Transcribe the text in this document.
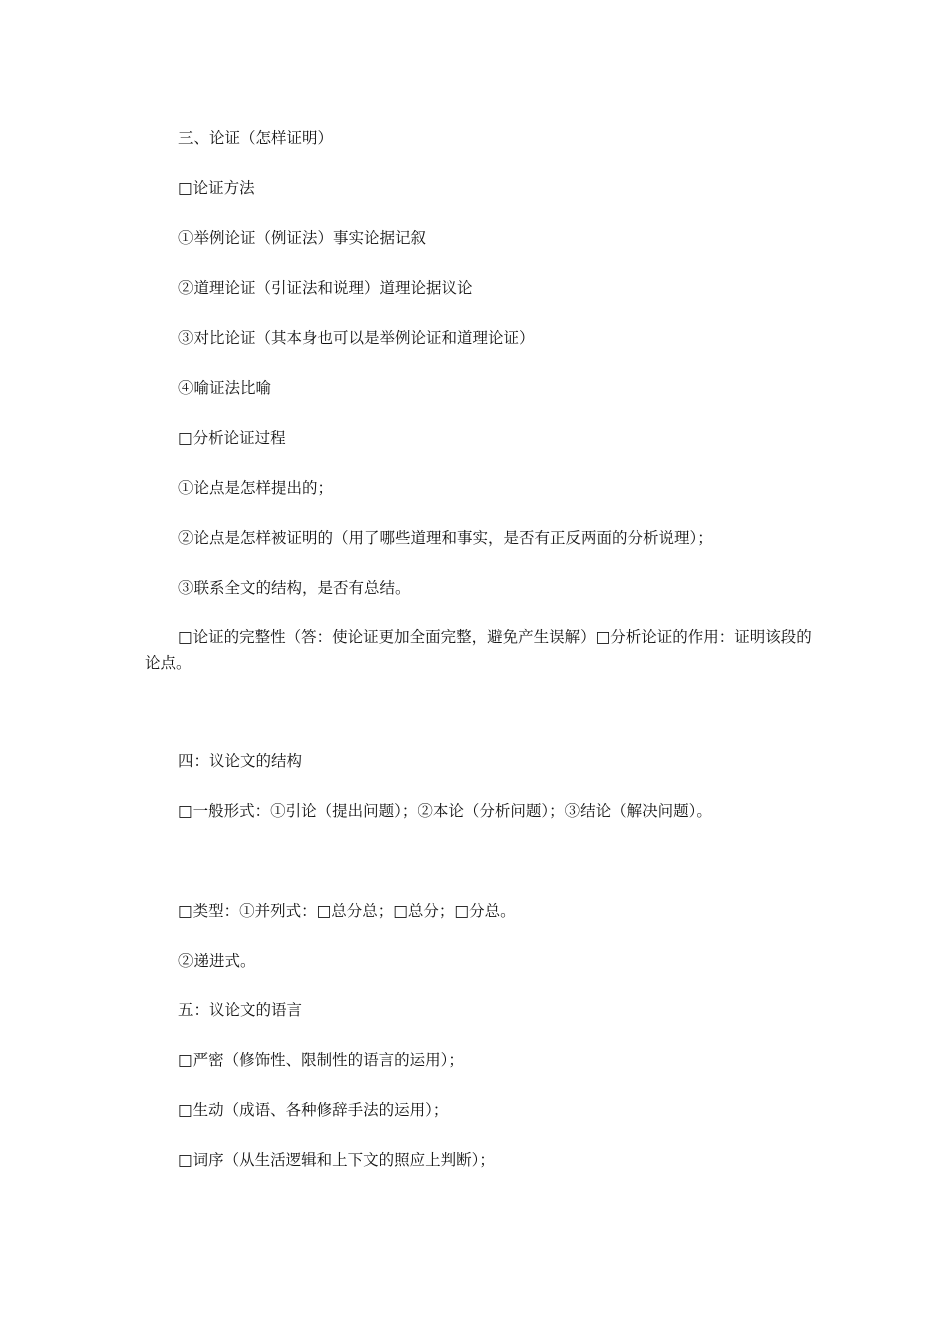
三、论证（怎样证明）
□论证方法
①举例论证（例证法）事实论据记叙
②道理论证（引证法和说理）道理论据议论
③对比论证（其本身也可以是举例论证和道理论证）
④喻证法比喻
□分析论证过程
①论点是怎样提出的；
②论点是怎样被证明的（用了哪些道理和事实，是否有正反两面的分析说理）；
③联系全文的结构，是否有总结。
□论证的完整性（答：使论证更加全面完整，避免产生误解）□分析论证的作用：证明该段的论点。
四：议论文的结构
□一般形式：①引论（提出问题）；②本论（分析问题）；③结论（解决问题）。
□类型：①并列式：□总分总；□总分；□分总。
②递进式。
五：议论文的语言
□严密（修饰性、限制性的语言的运用）；
□生动（成语、各种修辞手法的运用）；
□词序（从生活逻辑和上下文的照应上判断）；
